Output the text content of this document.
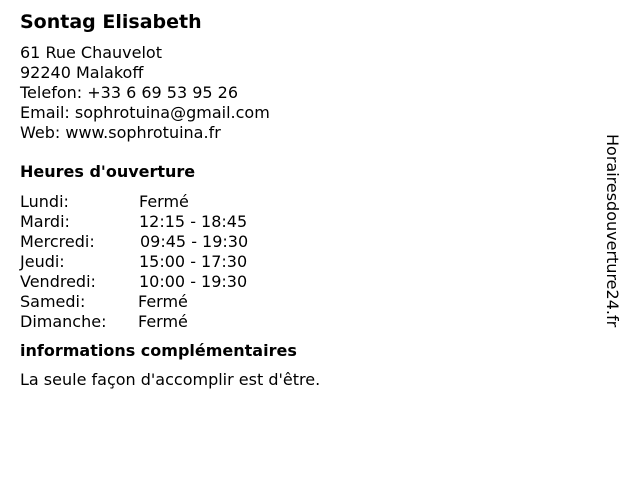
Sontag Elisabeth
61 Rue Chauvelot
92240 Malakoff
Telefon: +33 6 69 53 95 26
Email: sophrotuina@gmail.com
Web: www.sophrotuina.fr
Heures d'ouverture
Lundi:	Fermé
Mardi:	12:15 - 18:45
Mercredi:	09:45 - 19:30
Jeudi:	15:00 - 17:30
Vendredi:	10:00 - 19:30
Samedi:	Fermé
Dimanche: Fermé
informations complémentaires
La seule façon d'accomplir est d'être.
Horairesdouverture24.fr
